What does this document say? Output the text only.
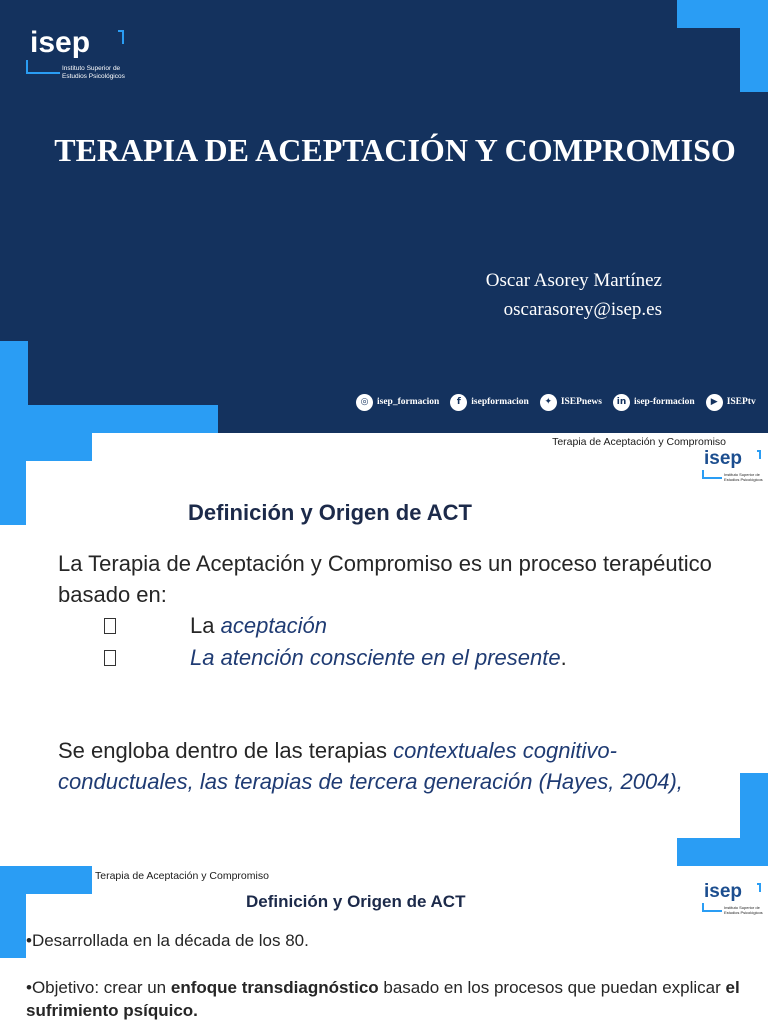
isep
Instituto Superior de Estudios Psicológicos
TERAPIA DE ACEPTACIÓN Y COMPROMISO
Oscar Asorey Martínez
oscarasorey@isep.es
◎ isep_formacion	f	isepformacion	✦ ISEPnews	in isep-formacion	▶ ISEPtv
Terapia de Aceptación y Compromiso
isep
Instituto Superior de Estudios Psicológicos
Definición y Origen de ACT

La Terapia de Aceptación y Compromiso es un proceso terapéutico basado en:

La
aceptación
La atención consciente en el presente .

Se engloba dentro de las terapias contextuales cognitivo-conductuales, las terapias de tercera generación (Hayes, 2004),

Terapia de Aceptación y Compromiso
Definición y Origen de ACT	isep
Instituto Superior de Estudios Psicológicos

•Desarrollada en la década de los 80.

•Objetivo: crear un enfoque transdiagnóstico basado en los procesos que puedan explicar el sufrimiento psíquico.
